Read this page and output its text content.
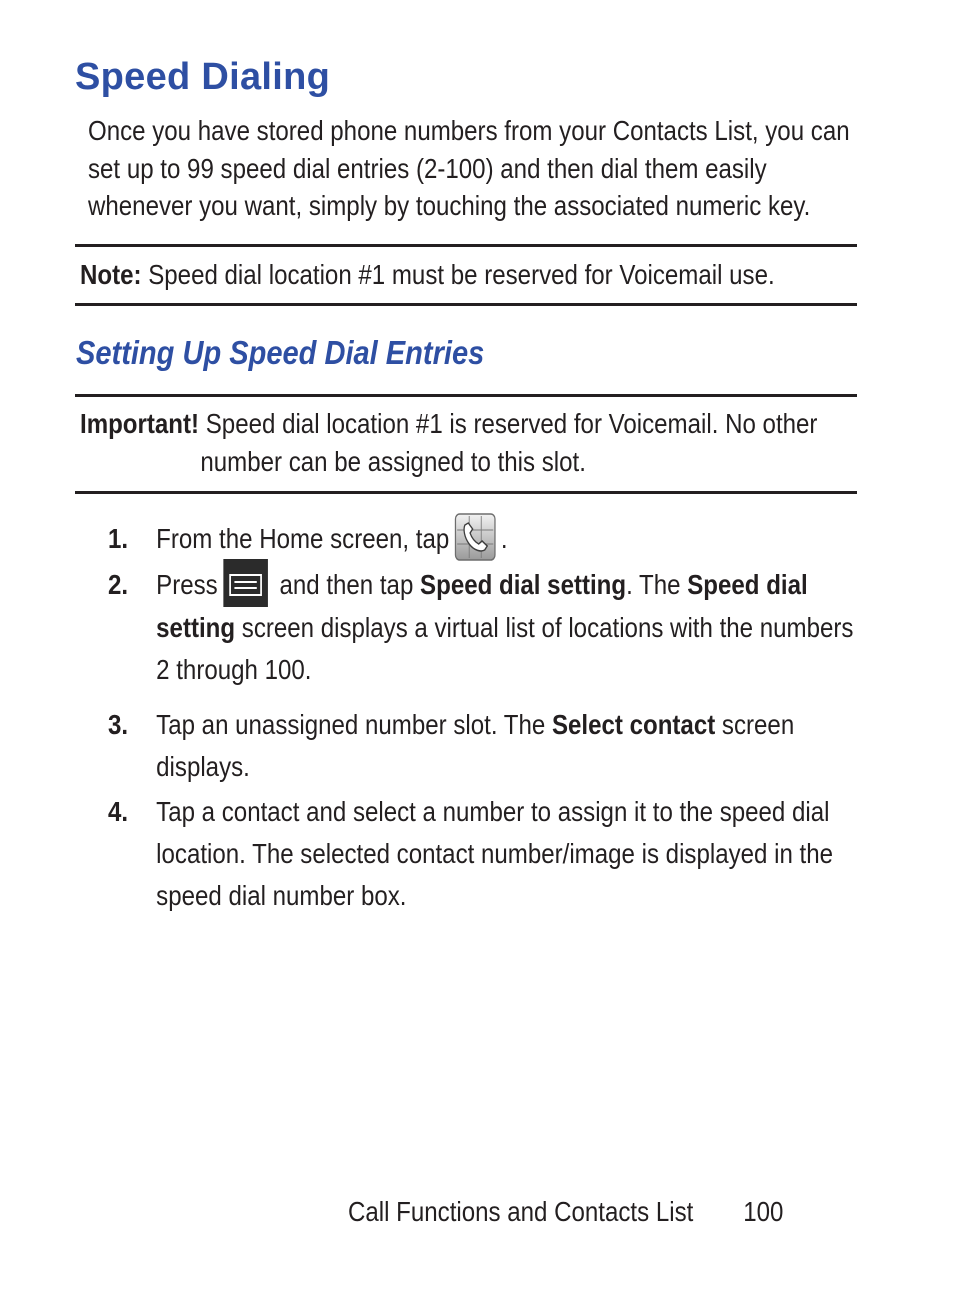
Speed Dialing

Once you have stored phone numbers from your Contacts List, you can set up to 99 speed dial entries (2-100) and then dial them easily whenever you want, simply by touching the associated numeric key.

Note: Speed dial location #1 must be reserved for Voicemail use.

Setting Up Speed Dial Entries

Important! Speed dial location #1 is reserved for Voicemail. No other
number can be assigned to this slot.

1. From the Home screen, tap .
2. Press and then tap Speed dial setting. The Speed dial setting screen displays a virtual list of locations with the numbers 2 through 100.
3. Tap an unassigned number slot. The Select contact screen displays.
4. Tap a contact and select a number to assign it to the speed dial location. The selected contact number/image is displayed in the speed dial number box.

Call Functions and Contacts List 100
